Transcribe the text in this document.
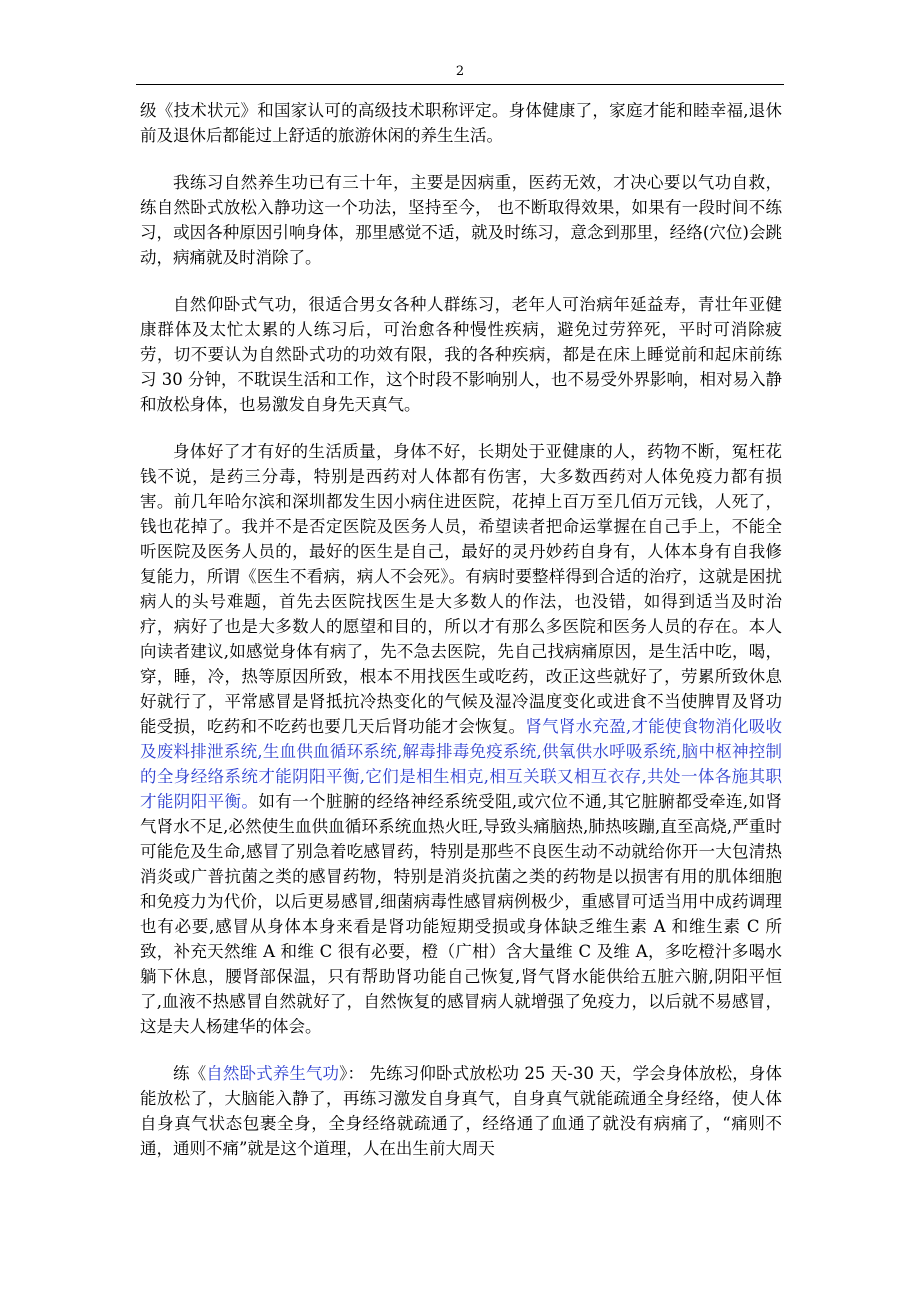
2

级《技术状元》和国家认可的高级技术职称评定。身体健康了，家庭才能和睦幸福,退休前及退休后都能过上舒适的旅游休闲的养生生活。

我练习自然养生功已有三十年，主要是因病重，医药无效，才决心要以气功自救，练自然卧式放松入静功这一个功法，坚持至今， 也不断取得效果，如果有一段时间不练习，或因各种原因引响身体，那里感觉不适，就及时练习，意念到那里，经络(穴位)会跳动，病痛就及时消除了。

自然仰卧式气功，很适合男女各种人群练习，老年人可治病年延益寿，青壮年亚健康群体及太忙太累的人练习后，可治愈各种慢性疾病，避免过劳猝死，平时可消除疲劳，切不要认为自然卧式功的功效有限，我的各种疾病，都是在床上睡觉前和起床前练习 30 分钟，不耽误生活和工作，这个时段不影响别人，也不易受外界影响，相对易入静和放松身体，也易激发自身先天真气。

身体好了才有好的生活质量，身体不好，长期处于亚健康的人，药物不断，冤枉花钱不说，是药三分毒，特别是西药对人体都有伤害，大多数西药对人体免疫力都有损害。前几年哈尔滨和深圳都发生因小病住进医院，花掉上百万至几佰万元钱，人死了，钱也花掉了。我并不是否定医院及医务人员，希望读者把命运掌握在自己手上，不能全听医院及医务人员的，最好的医生是自己，最好的灵丹妙药自身有，人体本身有自我修复能力，所谓《医生不看病，病人不会死》。有病时要整样得到合适的治疗，这就是困扰病人的头号难题，首先去医院找医生是大多数人的作法，也没错，如得到适当及时治疗，病好了也是大多数人的愿望和目的，所以才有那么多医院和医务人员的存在。本人向读者建议,如感觉身体有病了，先不急去医院，先自己找病痛原因，是生活中吃，喝，穿，睡，冷，热等原因所致，根本不用找医生或吃药，改正这些就好了，劳累所致休息好就行了，平常感冒是肾抵抗冷热变化的气候及湿冷温度变化或进食不当使脾胃及肾功能受损，吃药和不吃药也要几天后肾功能才会恢复。肾气肾水充盈,才能使食物消化吸收及废料排泄系统,生血供血循环系统,解毒排毒免疫系统,供氧供水呼吸系统,脑中枢神控制的全身经络系统才能阴阳平衡,它们是相生相克,相互关联又相互衣存,共处一体各施其职才能阴阳平衡。如有一个脏腑的经络神经系统受阻,或穴位不通,其它脏腑都受牵连,如肾气肾水不足,必然使生血供血循环系统血热火旺,导致头痛脑热,肺热咳蹦,直至高烧,严重时可能危及生命,感冒了别急着吃感冒药，特别是那些不良医生动不动就给你开一大包清热消炎或广普抗菌之类的感冒药物，特别是消炎抗菌之类的药物是以损害有用的肌体细胞和免疫力为代价，以后更易感冒,细菌病毒性感冒病例极少，重感冒可适当用中成药调理也有必要,感冒从身体本身来看是肾功能短期受损或身体缺乏维生素 A 和维生素 C 所致，补充天然维 A 和维 C 很有必要，橙（广柑）含大量维 C 及维 A，多吃橙汁多喝水躺下休息，腰肾部保温，只有帮助肾功能自己恢复,肾气肾水能供给五脏六腑,阴阳平恒了,血液不热感冒自然就好了，自然恢复的感冒病人就增强了免疫力，以后就不易感冒，这是夫人杨建华的体会。

练《自然卧式养生气功》： 先练习仰卧式放松功 25 天-30 天，学会身体放松，身体能放松了，大脑能入静了，再练习激发自身真气，自身真气就能疏通全身经络，使人体自身真气状态包裹全身，全身经络就疏通了，经络通了血通了就没有病痛了，“痛则不通，通则不痛”就是这个道理，人在出生前大周天
